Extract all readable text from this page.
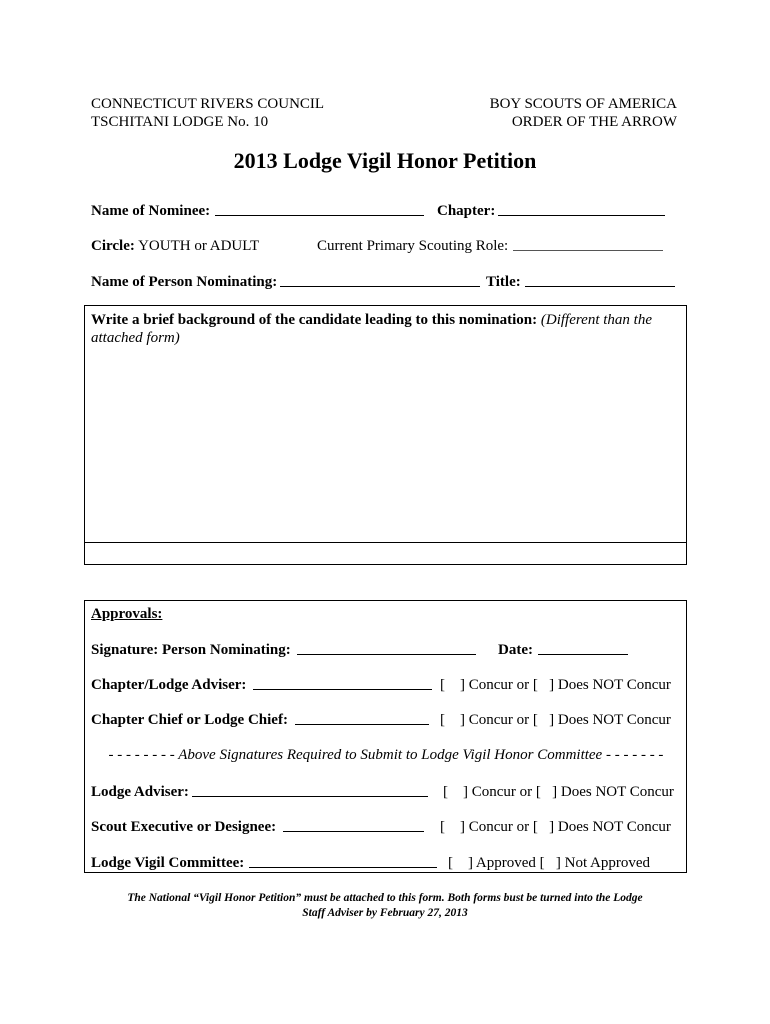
CONNECTICUT RIVERS COUNCIL
TSCHITANI LODGE No. 10
BOY SCOUTS OF AMERICA
ORDER OF THE ARROW
2013 Lodge Vigil Honor Petition
Name of Nominee:	Chapter:
Circle: YOUTH or ADULT	Current Primary Scouting Role:
Name of Person Nominating:	Title:
Write a brief background of the candidate leading to this nomination: (Different than the
attached form)
Approvals:
Signature: Person Nominating:	Date:
Chapter/Lodge Adviser:	[    ] Concur or [   ] Does NOT Concur
Chapter Chief or Lodge Chief:	[    ] Concur or [   ] Does NOT Concur
- - - - - - - - Above Signatures Required to Submit to Lodge Vigil Honor Committee - - - - - - -
Lodge Adviser:	[    ] Concur or [   ] Does NOT Concur
Scout Executive or Designee:	[    ] Concur or [   ] Does NOT Concur
Lodge Vigil Committee:	[    ] Approved [   ] Not Approved
The National “Vigil Honor Petition” must be attached to this form. Both forms bust be turned into the Lodge
Staff Adviser by February 27, 2013
